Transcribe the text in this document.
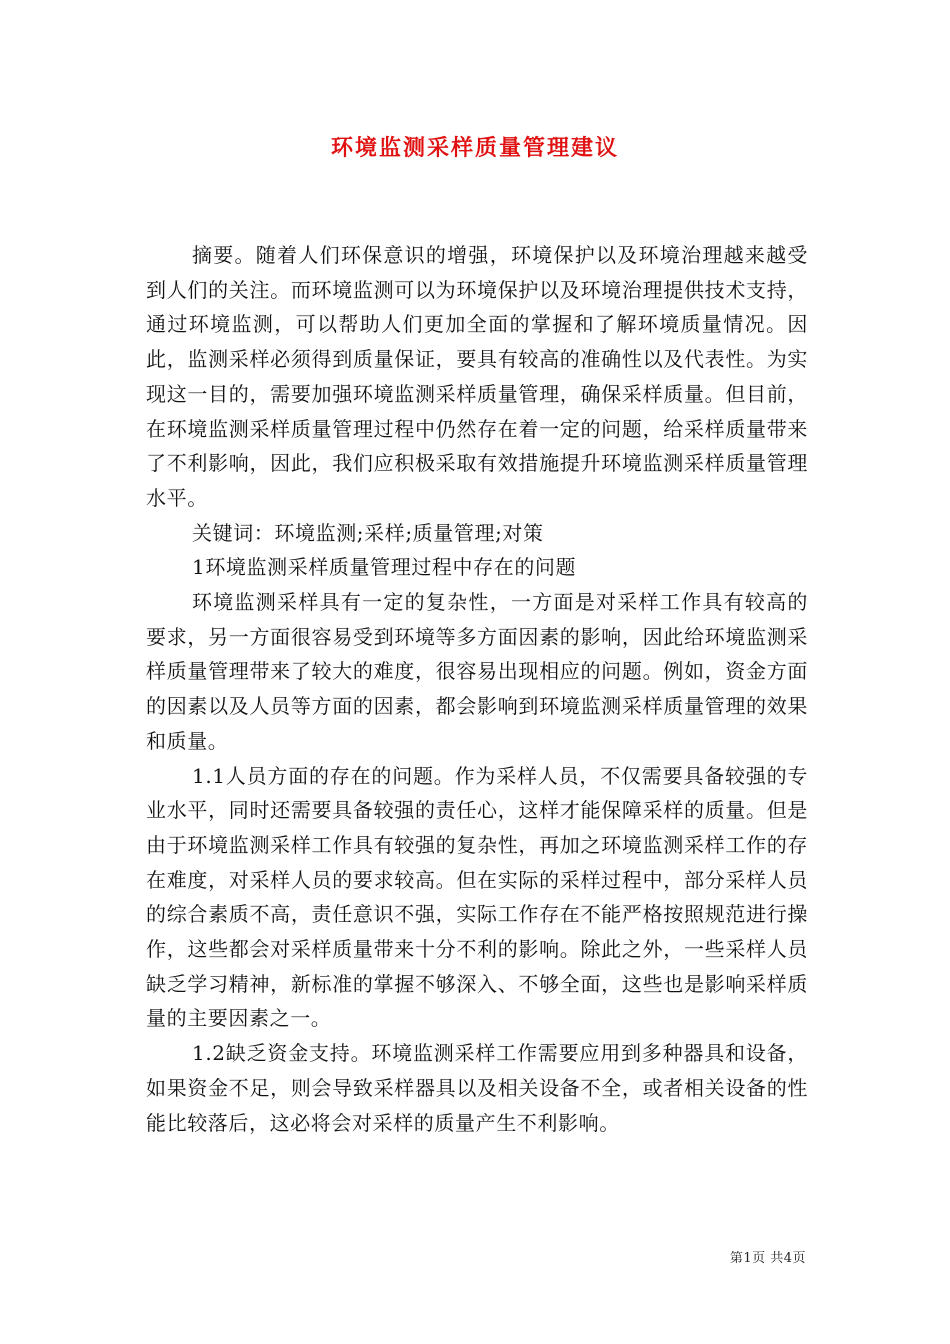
环境监测采样质量管理建议

摘要。随着人们环保意识的增强，环境保护以及环境治理越来越受到人们的关注。而环境监测可以为环境保护以及环境治理提供技术支持，通过环境监测，可以帮助人们更加全面的掌握和了解环境质量情况。因此，监测采样必须得到质量保证，要具有较高的准确性以及代表性。为实现这一目的，需要加强环境监测采样质量管理，确保采样质量。但目前，在环境监测采样质量管理过程中仍然存在着一定的问题，给采样质量带来了不利影响，因此，我们应积极采取有效措施提升环境监测采样质量管理水平。

关键词：环境监测;采样;质量管理;对策

1环境监测采样质量管理过程中存在的问题

环境监测采样具有一定的复杂性，一方面是对采样工作具有较高的要求，另一方面很容易受到环境等多方面因素的影响，因此给环境监测采样质量管理带来了较大的难度，很容易出现相应的问题。例如，资金方面的因素以及人员等方面的因素，都会影响到环境监测采样质量管理的效果和质量。

1.1人员方面的存在的问题。作为采样人员，不仅需要具备较强的专业水平，同时还需要具备较强的责任心，这样才能保障采样的质量。但是由于环境监测采样工作具有较强的复杂性，再加之环境监测采样工作的存在难度，对采样人员的要求较高。但在实际的采样过程中，部分采样人员的综合素质不高，责任意识不强，实际工作存在不能严格按照规范进行操作，这些都会对采样质量带来十分不利的影响。除此之外，一些采样人员缺乏学习精神，新标准的掌握不够深入、不够全面，这些也是影响采样质量的主要因素之一。

1.2缺乏资金支持。环境监测采样工作需要应用到多种器具和设备，如果资金不足，则会导致采样器具以及相关设备不全，或者相关设备的性能比较落后，这必将会对采样的质量产生不利影响。

第1页 共4页
